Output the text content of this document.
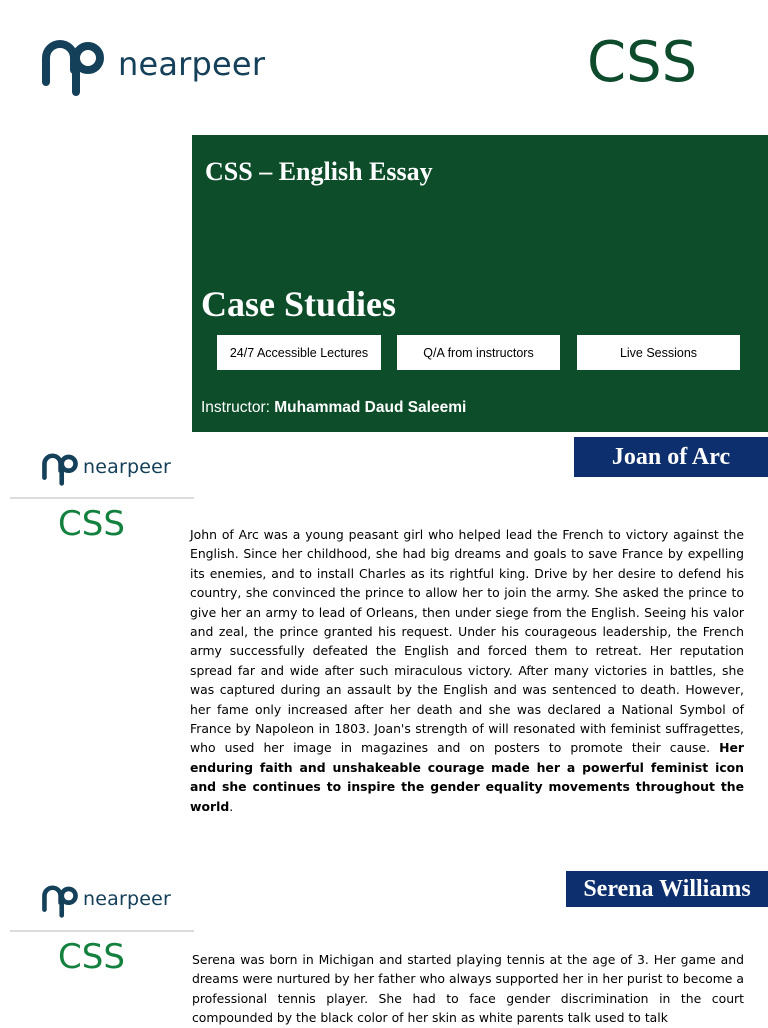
nearpeer	CSS
CSS – English Essay
Case Studies
24/7 Accessible Lectures	Q/A from instructors	Live Sessions
Instructor: Muhammad Daud Saleemi
nearpeer
CSS
Joan of Arc
John of Arc was a young peasant girl who helped lead the French to victory against the English. Since her childhood, she had big dreams and goals to save France by expelling its enemies, and to install Charles as its rightful king. Drive by her desire to defend his country, she convinced the prince to allow her to join the army. She asked the prince to give her an army to lead of Orleans, then under siege from the English. Seeing his valor and zeal, the prince granted his request. Under his courageous leadership, the French army successfully defeated the English and forced them to retreat. Her reputation spread far and wide after such miraculous victory. After many victories in battles, she was captured during an assault by the English and was sentenced to death. However, her fame only increased after her death and she was declared a National Symbol of France by Napoleon in 1803. Joan's strength of will resonated with feminist suffragettes, who used her image in magazines and on posters to promote their cause. Her enduring faith and unshakeable courage made her a powerful feminist icon and she continues to inspire the gender equality movements throughout the world.
nearpeer
CSS
Serena Williams
Serena was born in Michigan and started playing tennis at the age of 3. Her game and dreams were nurtured by her father who always supported her in her purist to become a professional tennis player. She had to face gender discrimination in the court compounded by the black color of her skin as white parents talk used to talk
